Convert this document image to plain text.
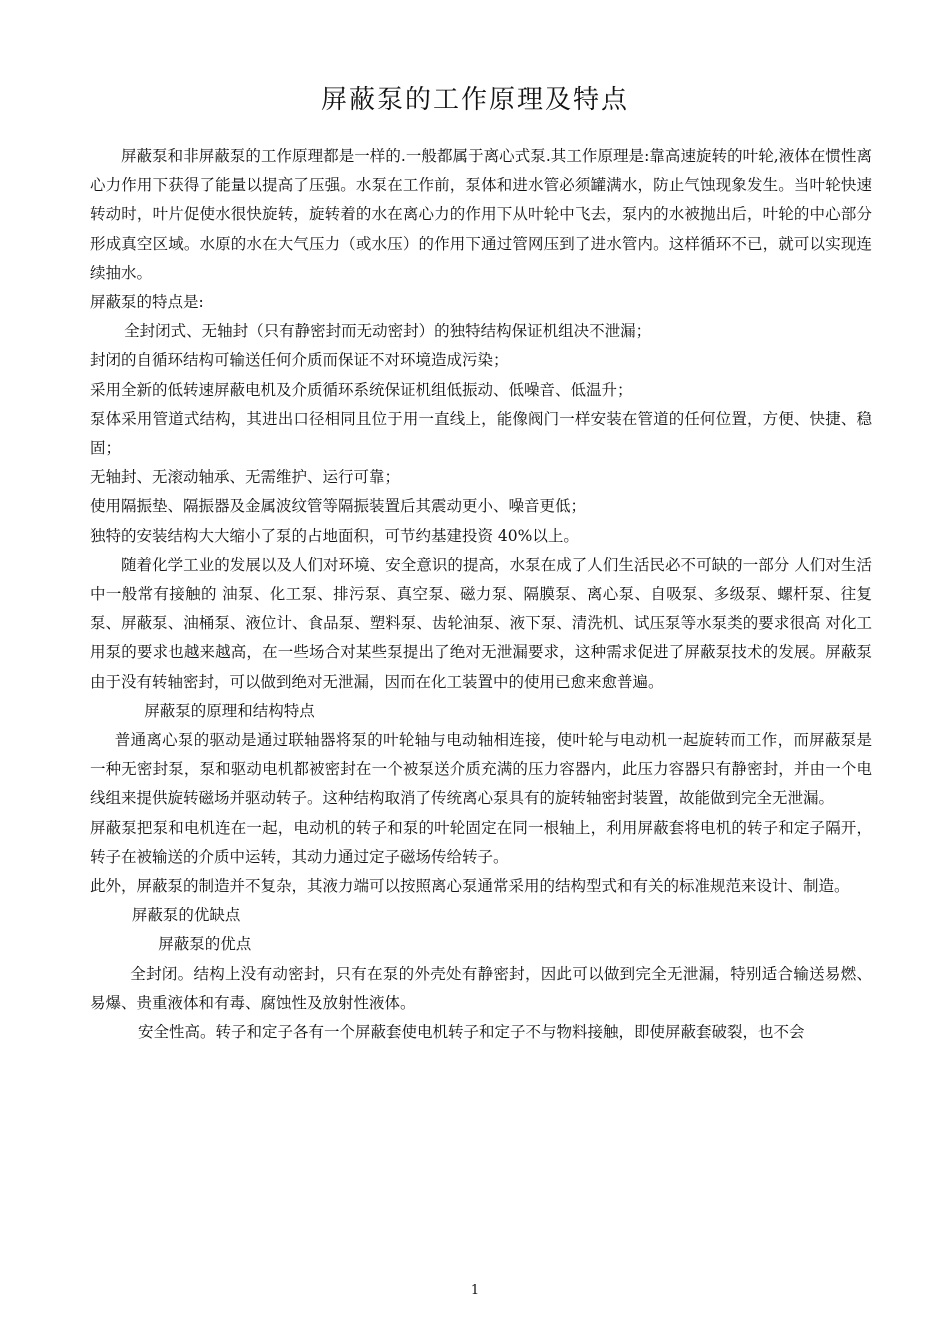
屏蔽泵的工作原理及特点

屏蔽泵和非屏蔽泵的工作原理都是一样的.一般都属于离心式泵.其工作原理是:靠高速旋转的叶轮,液体在惯性离心力作用下获得了能量以提高了压强。水泵在工作前，泵体和进水管必须罐满水，防止气蚀现象发生。当叶轮快速转动时，叶片促使水很快旋转，旋转着的水在离心力的作用下从叶轮中飞去，泵内的水被抛出后，叶轮的中心部分形成真空区域。水原的水在大气压力（或水压）的作用下通过管网压到了进水管内。这样循环不已，就可以实现连续抽水。

屏蔽泵的特点是:

全封闭式、无轴封（只有静密封而无动密封）的独特结构保证机组决不泄漏；

封闭的自循环结构可输送任何介质而保证不对环境造成污染；

采用全新的低转速屏蔽电机及介质循环系统保证机组低振动、低噪音、低温升；

泵体采用管道式结构，其进出口径相同且位于用一直线上，能像阀门一样安装在管道的任何位置，方便、快捷、稳固；

无轴封、无滚动轴承、无需维护、运行可靠；

使用隔振垫、隔振器及金属波纹管等隔振装置后其震动更小、噪音更低；

独特的安装结构大大缩小了泵的占地面积，可节约基建投资 40%以上。

随着化学工业的发展以及人们对环境、安全意识的提高，水泵在成了人们生活民必不可缺的一部分 人们对生活中一般常有接触的 油泵、化工泵、排污泵、真空泵、磁力泵、隔膜泵、离心泵、自吸泵、多级泵、螺杆泵、往复泵、屏蔽泵、油桶泵、液位计、食品泵、塑料泵、齿轮油泵、液下泵、清洗机、试压泵等水泵类的要求很高 对化工用泵的要求也越来越高，在一些场合对某些泵提出了绝对无泄漏要求，这种需求促进了屏蔽泵技术的发展。屏蔽泵由于没有转轴密封，可以做到绝对无泄漏，因而在化工装置中的使用已愈来愈普遍。

屏蔽泵的原理和结构特点

普通离心泵的驱动是通过联轴器将泵的叶轮轴与电动轴相连接，使叶轮与电动机一起旋转而工作，而屏蔽泵是一种无密封泵，泵和驱动电机都被密封在一个被泵送介质充满的压力容器内，此压力容器只有静密封，并由一个电线组来提供旋转磁场并驱动转子。这种结构取消了传统离心泵具有的旋转轴密封装置，故能做到完全无泄漏。

屏蔽泵把泵和电机连在一起，电动机的转子和泵的叶轮固定在同一根轴上，利用屏蔽套将电机的转子和定子隔开，转子在被输送的介质中运转，其动力通过定子磁场传给转子。

此外，屏蔽泵的制造并不复杂，其液力端可以按照离心泵通常采用的结构型式和有关的标准规范来设计、制造。

屏蔽泵的优缺点

屏蔽泵的优点

全封闭。结构上没有动密封，只有在泵的外壳处有静密封，因此可以做到完全无泄漏，特别适合输送易燃、易爆、贵重液体和有毒、腐蚀性及放射性液体。

安全性高。转子和定子各有一个屏蔽套使电机转子和定子不与物料接触，即使屏蔽套破裂，也不会

1
